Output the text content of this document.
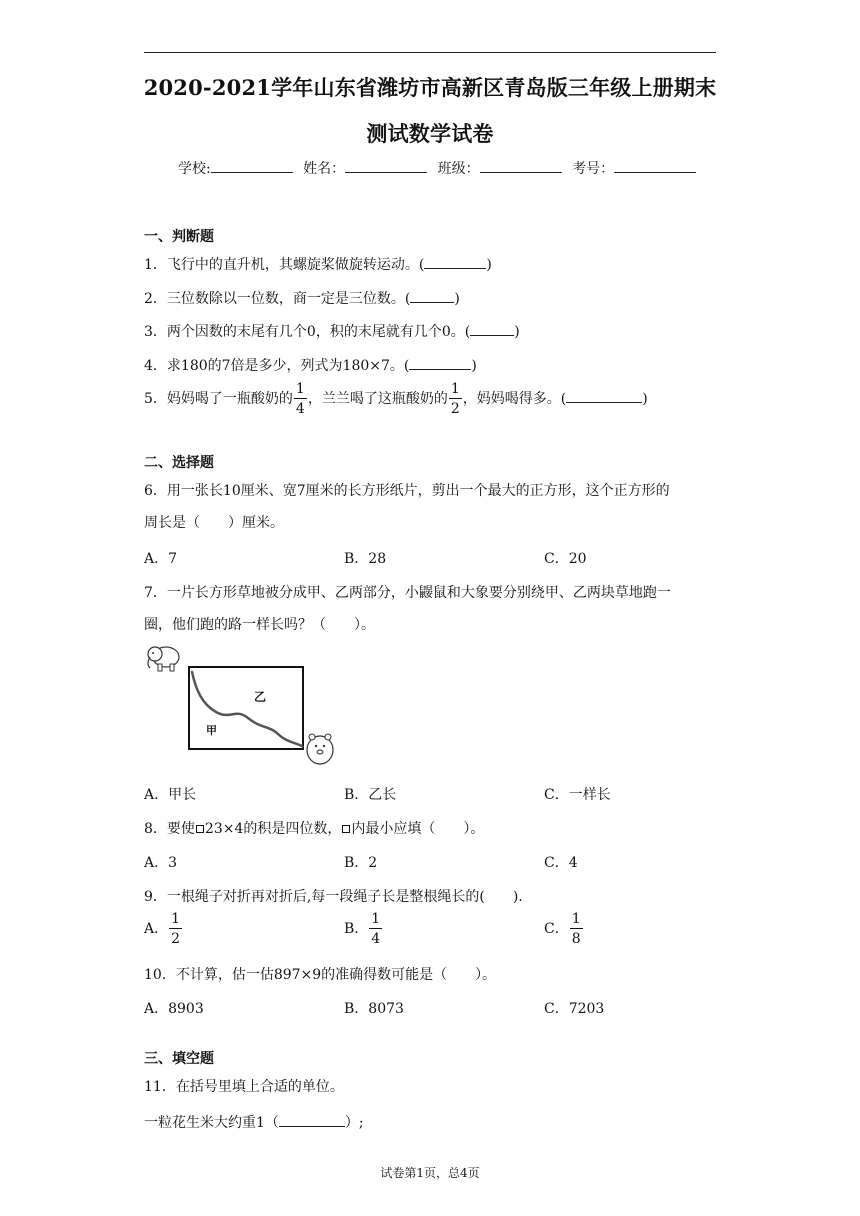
2020-2021学年山东省潍坊市高新区青岛版三年级上册期末
测试数学试卷
学校:	姓名：	班级：	考号：
一、判断题
1．飞行中的直升机，其螺旋桨做旋转运动。(	)
2．三位数除以一位数，商一定是三位数。(	)
3．两个因数的末尾有几个0，积的末尾就有几个0。(	)
4．求180的7倍是多少，列式为180×7。(	)
5．妈妈喝了一瓶酸奶的 $\frac{1}{4}$ ，兰兰喝了这瓶酸奶的 $\frac{1}{2}$ ，妈妈喝得多。(	)
二、选择题
6．用一张长10厘米、宽7厘米的长方形纸片，剪出一个最大的正方形，这个正方形的
周长是（　　）厘米。
A．7	B．28	C．20
7．一片长方形草地被分成甲、乙两部分，小鼹鼠和大象要分别绕甲、乙两块草地跑一
圈，他们跑的路一样长吗？（　　）。
乙
甲
A．甲长	B．乙长	C．一样长
8．要使 23×4的积是四位数， 内最小应填（　　）。
A．3	B．2	C．4
9．一根绳子对折再对折后,每一段绳子长是整根绳长的(　　).
A． $\frac{1}{2}$	B． $\frac{1}{4}$	C． $\frac{1}{8}$
10．不计算，估一估897×9的准确得数可能是（　　）。
A．8903	B．8073	C．7203
三、填空题
11．在括号里填上合适的单位。
一粒花生米大约重1（	）;
试卷第1页，总4页
